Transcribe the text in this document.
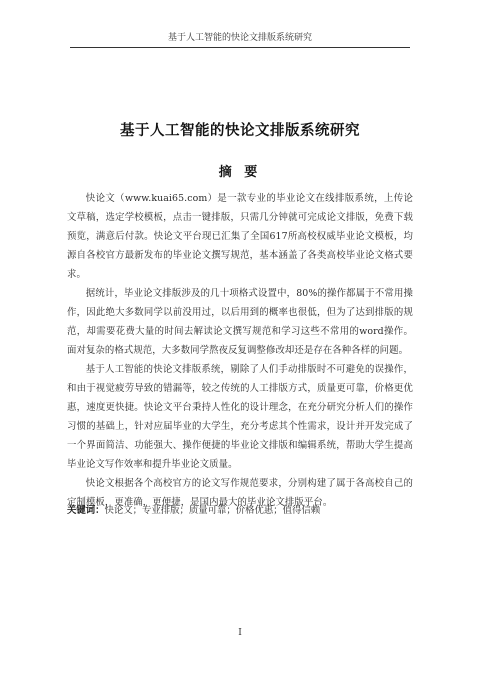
基于人工智能的快论文排版系统研究
基于人工智能的快论文排版系统研究
摘 要

快论文（www.kuai65.com）是一款专业的毕业论文在线排版系统，上传论文草稿，选定学校模板，点击一键排版，只需几分钟就可完成论文排版，免费下载预览，满意后付款。快论文平台现已汇集了全国617所高校权威毕业论文模板，均源自各校官方最新发布的毕业论文撰写规范，基本涵盖了各类高校毕业论文格式要求。

据统计，毕业论文排版涉及的几十项格式设置中，80%的操作都属于不常用操作，因此绝大多数同学以前没用过，以后用到的概率也很低，但为了达到排版的规范，却需要花费大量的时间去解读论文撰写规范和学习这些不常用的word操作。面对复杂的格式规范，大多数同学熬夜反复调整修改却还是存在各种各样的问题。

基于人工智能的快论文排版系统，剔除了人们手动排版时不可避免的误操作，和由于视觉疲劳导致的错漏等，较之传统的人工排版方式，质量更可靠，价格更优惠，速度更快捷。快论文平台秉持人性化的设计理念，在充分研究分析人们的操作习惯的基础上，针对应届毕业的大学生，充分考虑其个性需求，设计并开发完成了一个界面简洁、功能强大、操作便捷的毕业论文排版和编辑系统，帮助大学生提高毕业论文写作效率和提升毕业论文质量。

快论文根据各个高校官方的论文写作规范要求，分别构建了属于各高校自己的定制模板，更准确，更便捷，是国内最大的毕业论文排版平台。

关键词：快论文；专业排版；质量可靠；价格优惠；值得信赖
I
